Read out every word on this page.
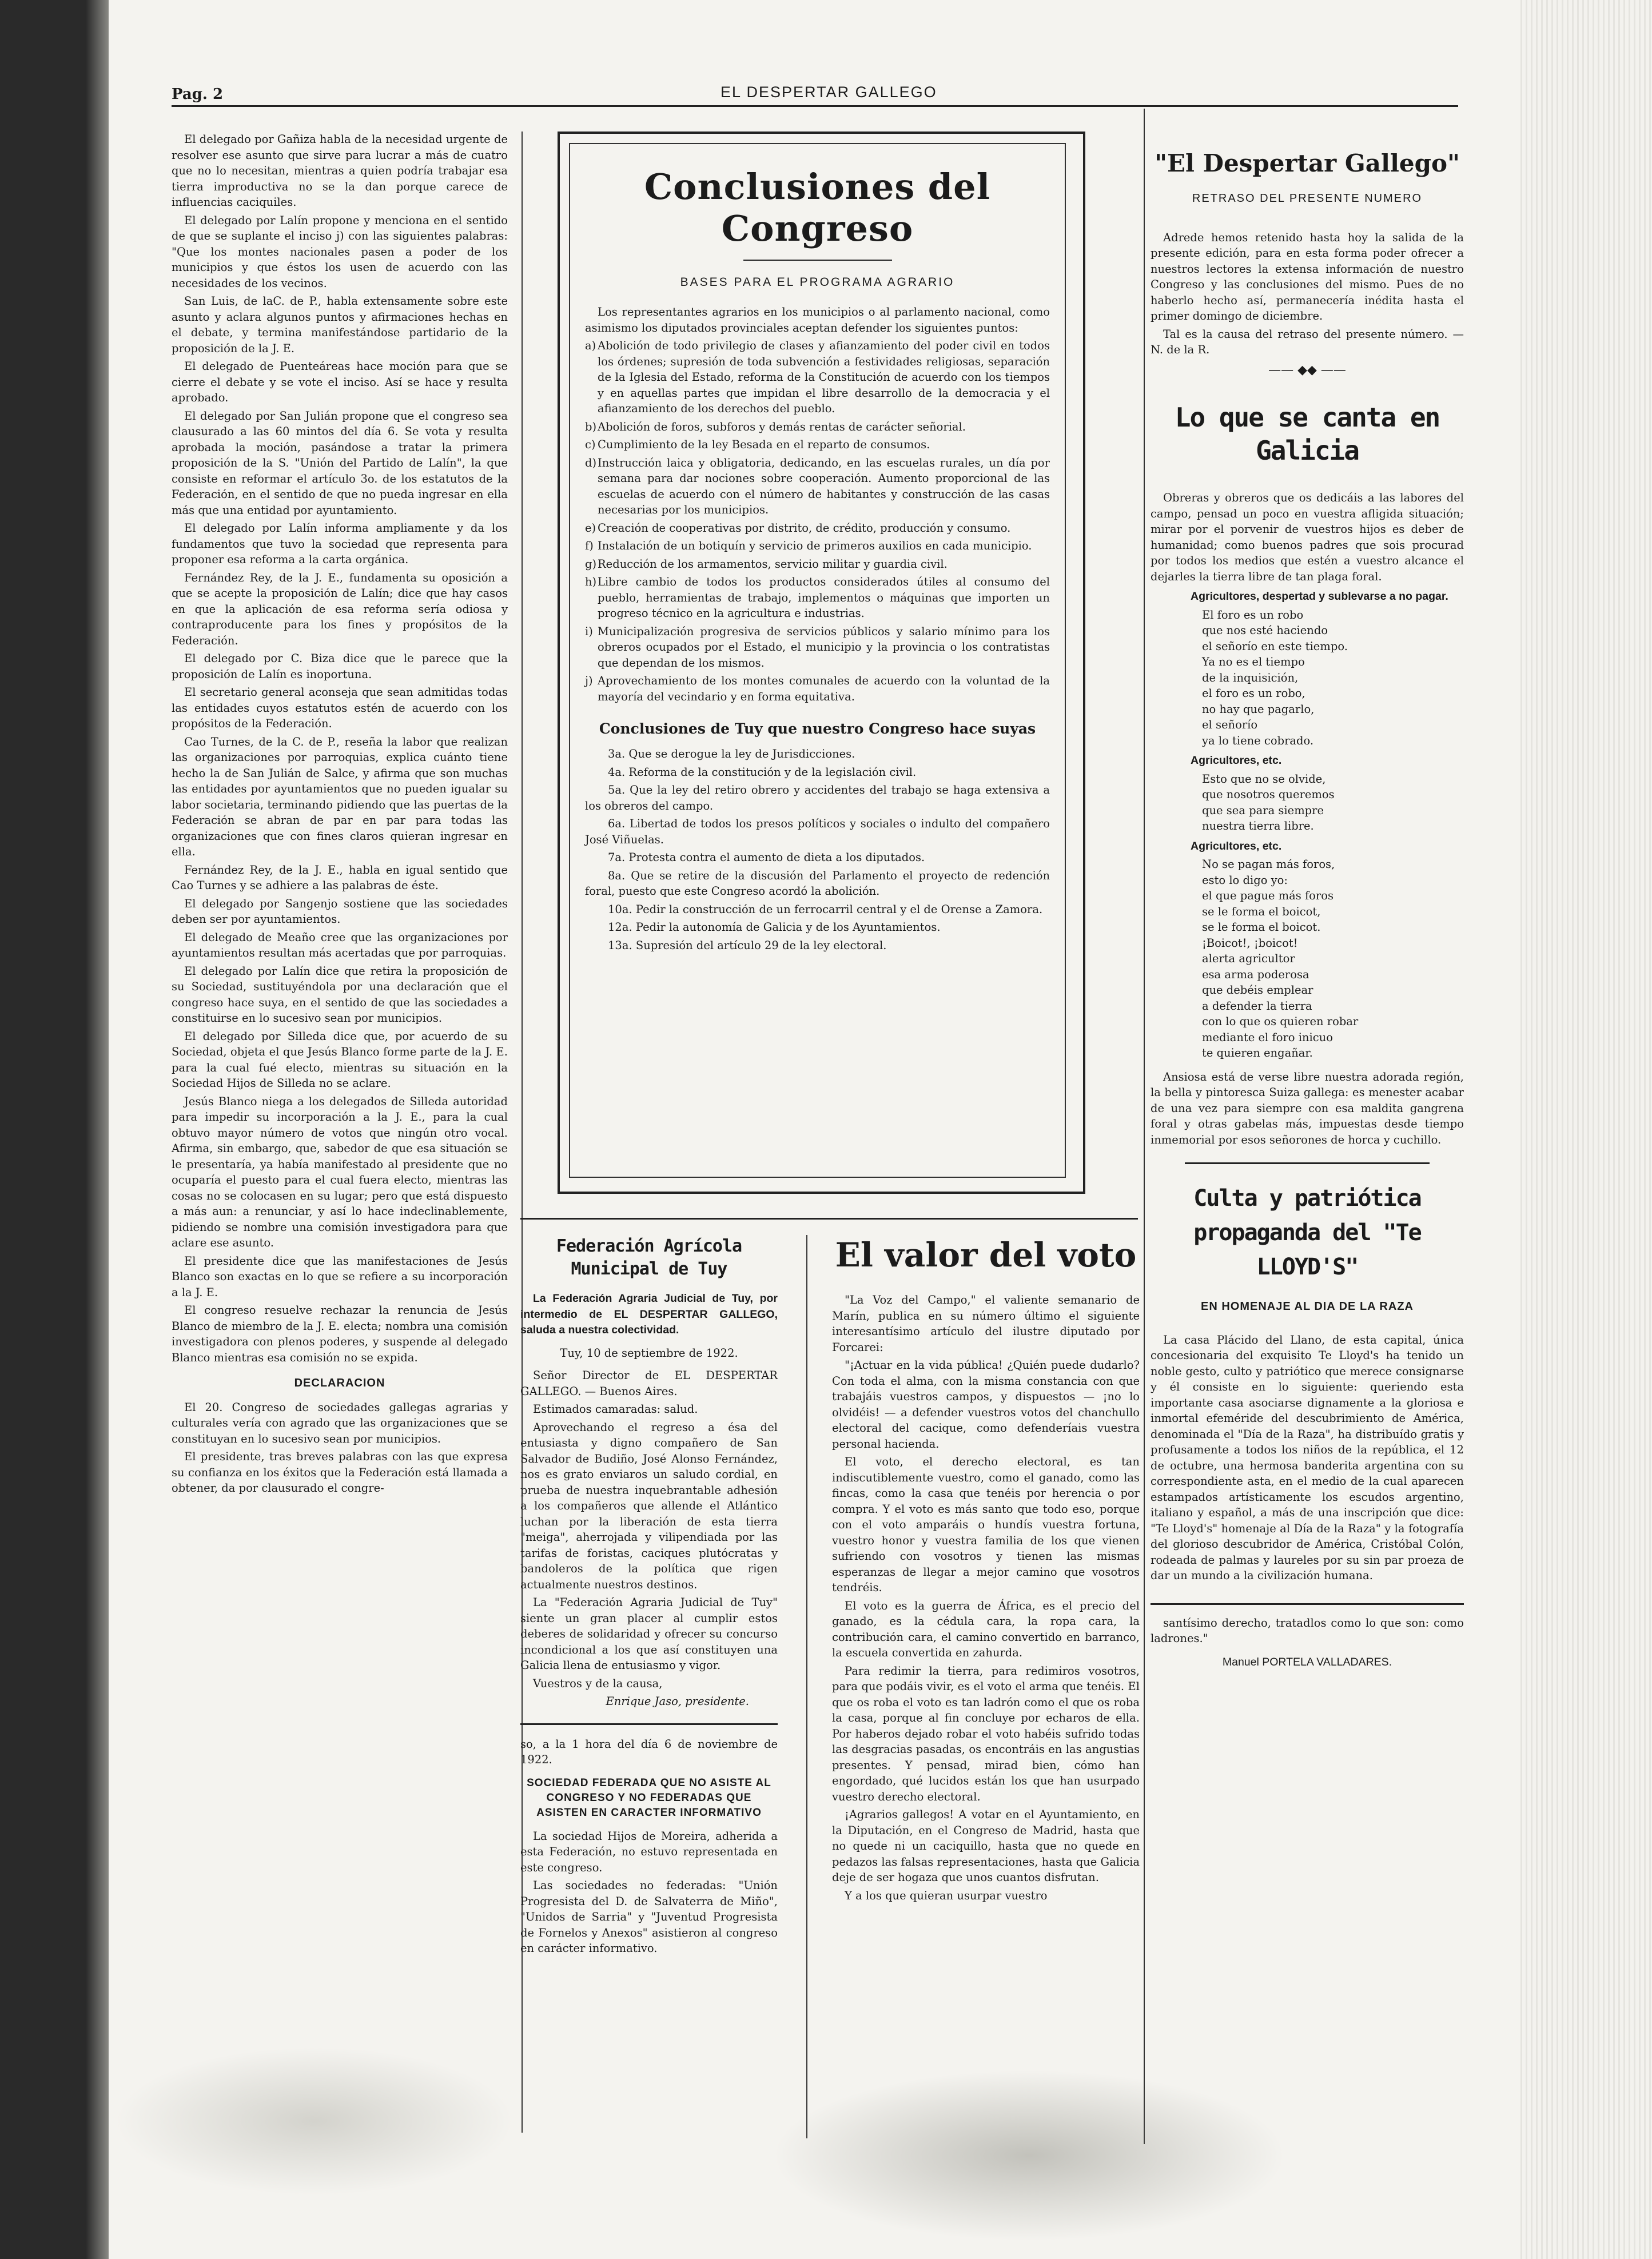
Pag. 2	EL DESPERTAR GALLEGO

El delegado por Gañiza habla de la necesidad urgente de resolver ese asunto que sirve para lucrar a más de cuatro que no lo necesitan, mientras a quien podría trabajar esa tierra improductiva no se la dan porque carece de influencias caciquiles.

El delegado por Lalín propone y menciona en el sentido de que se suplante el inciso j) con las siguientes palabras: "Que los montes nacionales pasen a poder de los municipios y que éstos los usen de acuerdo con las necesidades de los vecinos.

San Luis, de laC. de P., habla extensamente sobre este asunto y aclara algunos puntos y afirmaciones hechas en el debate, y termina manifestándose partidario de la proposición de la J. E.

El delegado de Puenteáreas hace moción para que se cierre el debate y se vote el inciso. Así se hace y resulta aprobado.

El delegado por San Julián propone que el congreso sea clausurado a las 60 mintos del día 6. Se vota y resulta aprobada la moción, pasándose a tratar la primera proposición de la S. "Unión del Partido de Lalín", la que consiste en reformar el artículo 3o. de los estatutos de la Federación, en el sentido de que no pueda ingresar en ella más que una entidad por ayuntamiento.

El delegado por Lalín informa ampliamente y da los fundamentos que tuvo la sociedad que representa para proponer esa reforma a la carta orgánica.

Fernández Rey, de la J. E., fundamenta su oposición a que se acepte la proposición de Lalín; dice que hay casos en que la aplicación de esa reforma sería odiosa y contraproducente para los fines y propósitos de la Federación.

El delegado por C. Biza dice que le parece que la proposición de Lalín es inoportuna.

El secretario general aconseja que sean admitidas todas las entidades cuyos estatutos estén de acuerdo con los propósitos de la Federación.

Cao Turnes, de la C. de P., reseña la labor que realizan las organizaciones por parroquias, explica cuánto tiene hecho la de San Julián de Salce, y afirma que son muchas las entidades por ayuntamientos que no pueden igualar su labor societaria, terminando pidiendo que las puertas de la Federación se abran de par en par para todas las organizaciones que con fines claros quieran ingresar en ella.

Fernández Rey, de la J. E., habla en igual sentido que Cao Turnes y se adhiere a las palabras de éste.

El delegado por Sangenjo sostiene que las sociedades deben ser por ayuntamientos.

El delegado de Meaño cree que las organizaciones por ayuntamientos resultan más acertadas que por parroquias.

El delegado por Lalín dice que retira la proposición de su Sociedad, sustituyéndola por una declaración que el congreso hace suya, en el sentido de que las sociedades a constituirse en lo sucesivo sean por municipios.

El delegado por Silleda dice que, por acuerdo de su Sociedad, objeta el que Jesús Blanco forme parte de la J. E. para la cual fué electo, mientras su situación en la Sociedad Hijos de Silleda no se aclare.

Jesús Blanco niega a los delegados de Silleda autoridad para impedir su incorporación a la J. E., para la cual obtuvo mayor número de votos que ningún otro vocal. Afirma, sin embargo, que, sabedor de que esa situación se le presentaría, ya había manifestado al presidente que no ocuparía el puesto para el cual fuera electo, mientras las cosas no se colocasen en su lugar; pero que está dispuesto a más aun: a renunciar, y así lo hace indeclinablemente, pidiendo se nombre una comisión investigadora para que aclare ese asunto.

El presidente dice que las manifestaciones de Jesús Blanco son exactas en lo que se refiere a su incorporación a la J. E.

El congreso resuelve rechazar la renuncia de Jesús Blanco de miembro de la J. E. electa; nombra una comisión investigadora con plenos poderes, y suspende al delegado Blanco mientras esa comisión no se expida.

DECLARACION

El 20. Congreso de sociedades gallegas agrarias y culturales vería con agrado que las organizaciones que se constituyan en lo sucesivo sean por municipios.

El presidente, tras breves palabras con las que expresa su confianza en los éxitos que la Federación está llamada a obtener, da por clausurado el congre-

Conclusiones del Congreso
BASES PARA EL PROGRAMA AGRARIO

Los representantes agrarios en los municipios o al parlamento nacional, como asimismo los diputados provinciales aceptan defender los siguientes puntos:

a) Abolición de todo privilegio de clases y afianzamiento del poder civil en todos los órdenes; supresión de toda subvención a festividades religiosas, separación de la Iglesia del Estado, reforma de la Constitución de acuerdo con los tiempos y en aquellas partes que impidan el libre desarrollo de la democracia y el afianzamiento de los derechos del pueblo.

b) Abolición de foros, subforos y demás rentas de carácter señorial.

c) Cumplimiento de la ley Besada en el reparto de consumos.

d) Instrucción laica y obligatoria, dedicando, en las escuelas rurales, un día por semana para dar nociones sobre cooperación. Aumento proporcional de las escuelas de acuerdo con el número de habitantes y construcción de las casas necesarias por los municipios.

e) Creación de cooperativas por distrito, de crédito, producción y consumo.

f) Instalación de un botiquín y servicio de primeros auxilios en cada municipio.

g) Reducción de los armamentos, servicio militar y guardia civil.

h) Libre cambio de todos los productos considerados útiles al consumo del pueblo, herramientas de trabajo, implementos o máquinas que importen un progreso técnico en la agricultura e industrias.

i) Municipalización progresiva de servicios públicos y salario mínimo para los obreros ocupados por el Estado, el municipio y la provincia o los contratistas que dependan de los mismos.

j) Aprovechamiento de los montes comunales de acuerdo con la voluntad de la mayoría del vecindario y en forma equitativa.

Conclusiones de Tuy que nuestro Congreso hace suyas

3a. Que se derogue la ley de Jurisdicciones.

4a. Reforma de la constitución y de la legislación civil.

5a. Que la ley del retiro obrero y accidentes del trabajo se haga extensiva a los obreros del campo.

6a. Libertad de todos los presos políticos y sociales o indulto del compañero José Viñuelas.

7a. Protesta contra el aumento de dieta a los diputados.

8a. Que se retire de la discusión del Parlamento el proyecto de redención foral, puesto que este Congreso acordó la abolición.

10a. Pedir la construcción de un ferrocarril central y el de Orense a Zamora.

12a. Pedir la autonomía de Galicia y de los Ayuntamientos.

13a. Supresión del artículo 29 de la ley electoral.

Federación Agrícola Municipal de Tuy

La Federación Agraria Judicial de Tuy, por intermedio de EL DESPERTAR GALLEGO, saluda a nuestra colectividad.

Tuy, 10 de septiembre de 1922.

Señor Director de EL DESPERTAR GALLEGO. — Buenos Aires.

Estimados camaradas: salud.

Aprovechando el regreso a ésa del entusiasta y digno compañero de San Salvador de Budiño, José Alonso Fernández, nos es grato enviaros un saludo cordial, en prueba de nuestra inquebrantable adhesión a los compañeros que allende el Atlántico luchan por la liberación de esta tierra "meiga", aherrojada y vilipendiada por las tarifas de foristas, caciques plutócratas y bandoleros de la política que rigen actualmente nuestros destinos.

La "Federación Agraria Judicial de Tuy" siente un gran placer al cumplir estos deberes de solidaridad y ofrecer su concurso incondicional a los que así constituyen una Galicia llena de entusiasmo y vigor.

Vuestros y de la causa,

Enrique Jaso, presidente.

so, a la 1 hora del día 6 de noviembre de 1922.

SOCIEDAD FEDERADA QUE NO ASISTE AL CONGRESO Y NO FEDERADAS QUE ASISTEN EN CARACTER INFORMATIVO

La sociedad Hijos de Moreira, adherida a esta Federación, no estuvo representada en este congreso.

Las sociedades no federadas: "Unión Progresista del D. de Salvaterra de Miño", "Unidos de Sarria" y "Juventud Progresista de Fornelos y Anexos" asistieron al congreso en carácter informativo.

El valor del voto

"La Voz del Campo," el valiente semanario de Marín, publica en su número último el siguiente interesantísimo artículo del ilustre diputado por Forcarei:

"¡Actuar en la vida pública! ¿Quién puede dudarlo? Con toda el alma, con la misma constancia con que trabajáis vuestros campos, y dispuestos — ¡no lo olvidéis! — a defender vuestros votos del chanchullo electoral del cacique, como defenderíais vuestra personal hacienda.

El voto, el derecho electoral, es tan indiscutiblemente vuestro, como el ganado, como las fincas, como la casa que tenéis por herencia o por compra. Y el voto es más santo que todo eso, porque con el voto amparáis o hundís vuestra fortuna, vuestro honor y vuestra familia de los que vienen sufriendo con vosotros y tienen las mismas esperanzas de llegar a mejor camino que vosotros tendréis.

El voto es la guerra de África, es el precio del ganado, es la cédula cara, la ropa cara, la contribución cara, el camino convertido en barranco, la escuela convertida en zahurda.

Para redimir la tierra, para redimiros vosotros, para que podáis vivir, es el voto el arma que tenéis. El que os roba el voto es tan ladrón como el que os roba la casa, porque al fin concluye por echaros de ella. Por haberos dejado robar el voto habéis sufrido todas las desgracias pasadas, os encontráis en las angustias presentes. Y pensad, mirad bien, cómo han engordado, qué lucidos están los que han usurpado vuestro derecho electoral.

¡Agrarios gallegos! A votar en el Ayuntamiento, en la Diputación, en el Congreso de Madrid, hasta que no quede ni un caciquillo, hasta que no quede en pedazos las falsas representaciones, hasta que Galicia deje de ser hogaza que unos cuantos disfrutan.

Y a los que quieran usurpar vuestro

"El Despertar Gallego"
RETRASO DEL PRESENTE NUMERO

Adrede hemos retenido hasta hoy la salida de la presente edición, para en esta forma poder ofrecer a nuestros lectores la extensa información de nuestro Congreso y las conclusiones del mismo. Pues de no haberlo hecho así, permanecería inédita hasta el primer domingo de diciembre.

Tal es la causa del retraso del presente número. — N. de la R.

—— ◆◆ ——
Lo que se canta en Galicia

Obreras y obreros que os dedicáis a las labores del campo, pensad un poco en vuestra afligida situación; mirar por el porvenir de vuestros hijos es deber de humanidad; como buenos padres que sois procurad por todos los medios que estén a vuestro alcance el dejarles la tierra libre de tan plaga foral.

Agricultores, despertad y sublevarse a no pagar.

El foro es un robo

que nos esté haciendo

el señorío en este tiempo.

Ya no es el tiempo

de la inquisición,

el foro es un robo,

no hay que pagarlo,

el señorío

ya lo tiene cobrado.

Agricultores, etc.

Esto que no se olvide,

que nosotros queremos

que sea para siempre

nuestra tierra libre.

Agricultores, etc.

No se pagan más foros,

esto lo digo yo:

el que pague más foros

se le forma el boicot,

se le forma el boicot.

¡Boicot!, ¡boicot!

alerta agricultor

esa arma poderosa

que debéis emplear

a defender la tierra

con lo que os quieren robar

mediante el foro inicuo

te quieren engañar.

Ansiosa está de verse libre nuestra adorada región, la bella y pintoresca Suiza gallega: es menester acabar de una vez para siempre con esa maldita gangrena foral y otras gabelas más, impuestas desde tiempo inmemorial por esos señorones de horca y cuchillo.

Culta y patriótica propaganda del "Te LLOYD'S"
EN HOMENAJE AL DIA DE LA RAZA

La casa Plácido del Llano, de esta capital, única concesionaria del exquisito Te Lloyd's ha tenido un noble gesto, culto y patriótico que merece consignarse y él consiste en lo siguiente: queriendo esta importante casa asociarse dignamente a la gloriosa e inmortal efeméride del descubrimiento de América, denominada el "Día de la Raza", ha distribuído gratis y profusamente a todos los niños de la república, el 12 de octubre, una hermosa banderita argentina con su correspondiente asta, en el medio de la cual aparecen estampados artísticamente los escudos argentino, italiano y español, a más de una inscripción que dice: "Te Lloyd's" homenaje al Día de la Raza" y la fotografía del glorioso descubridor de América, Cristóbal Colón, rodeada de palmas y laureles por su sin par proeza de dar un mundo a la civilización humana.

santísimo derecho, tratadlos como lo que son: como ladrones."

Manuel PORTELA VALLADARES.
